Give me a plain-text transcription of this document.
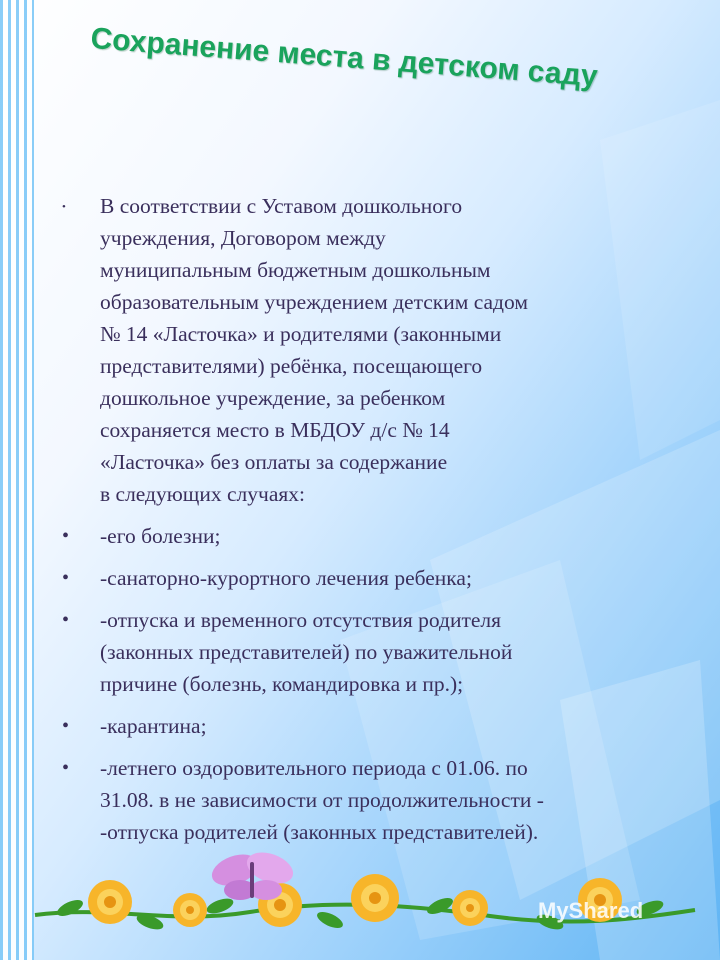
Сохранение места в детском саду
• В соответствии с Уставом дошкольного
учреждения, Договором между
муниципальным бюджетным дошкольным
образовательным учреждением детским садом
№ 14 «Ласточка» и родителями (законными
представителями) ребёнка, посещающего
дошкольное учреждение, за ребенком
сохраняется место в МБДОУ д/с № 14
«Ласточка» без оплаты за содержание
в следующих случаях:
• -его болезни;
• -санаторно-курортного лечения ребенка;
• -отпуска и временного отсутствия родителя
(законных представителей) по уважительной
причине (болезнь, командировка и пр.);
• -карантина;
• -летнего оздоровительного периода с 01.06. по
31.08. в не зависимости от продолжительности -
-отпуска родителей (законных представителей).
MyShared
